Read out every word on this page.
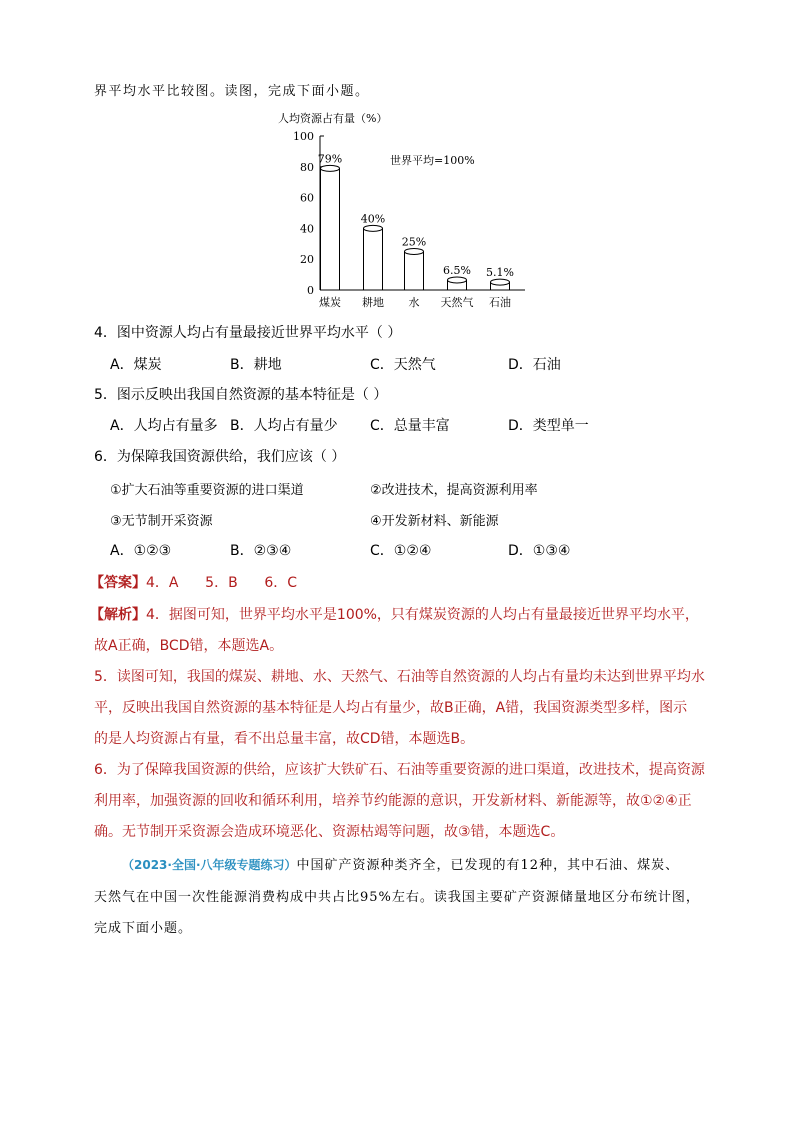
界平均水平比较图。读图，完成下面小题。
人均资源占有量（%）
0
20
40
60
80
100
世界平均=100%
79%
煤炭
40%
耕地
25%
水
6.5%
天然气
5.1%
石油
4．图中资源人均占有量最接近世界平均水平（ ）
A．煤炭	B．耕地	C．天然气	D．石油
5．图示反映出我国自然资源的基本特征是（ ）
A．人均占有量多 B．人均占有量少 C．总量丰富	D．类型单一
6．为保障我国资源供给，我们应该（ ）
①扩大石油等重要资源的进口渠道	②改进技术，提高资源利用率
③无节制开采资源	④开发新材料、新能源
A．①②③	B．②③④	C．①②④	D．①③④
【答案】4．A      5．B      6．C
【解析】4．据图可知，世界平均水平是100%，只有煤炭资源的人均占有量最接近世界平均水平，
故A正确，BCD错，本题选A。
5．读图可知，我国的煤炭、耕地、水、天然气、石油等自然资源的人均占有量均未达到世界平均水
平，反映出我国自然资源的基本特征是人均占有量少，故B正确，A错，我国资源类型多样，图示
的是人均资源占有量，看不出总量丰富，故CD错，本题选B。
6．为了保障我国资源的供给，应该扩大铁矿石、石油等重要资源的进口渠道，改进技术，提高资源
利用率，加强资源的回收和循环利用，培养节约能源的意识，开发新材料、新能源等，故①②④正
确。无节制开采资源会造成环境恶化、资源枯竭等问题，故③错，本题选C。
（2023·全国·八年级专题练习）中国矿产资源种类齐全，已发现的有12种，其中石油、煤炭、
天然气在中国一次性能源消费构成中共占比95%左右。读我国主要矿产资源储量地区分布统计图，
完成下面小题。
